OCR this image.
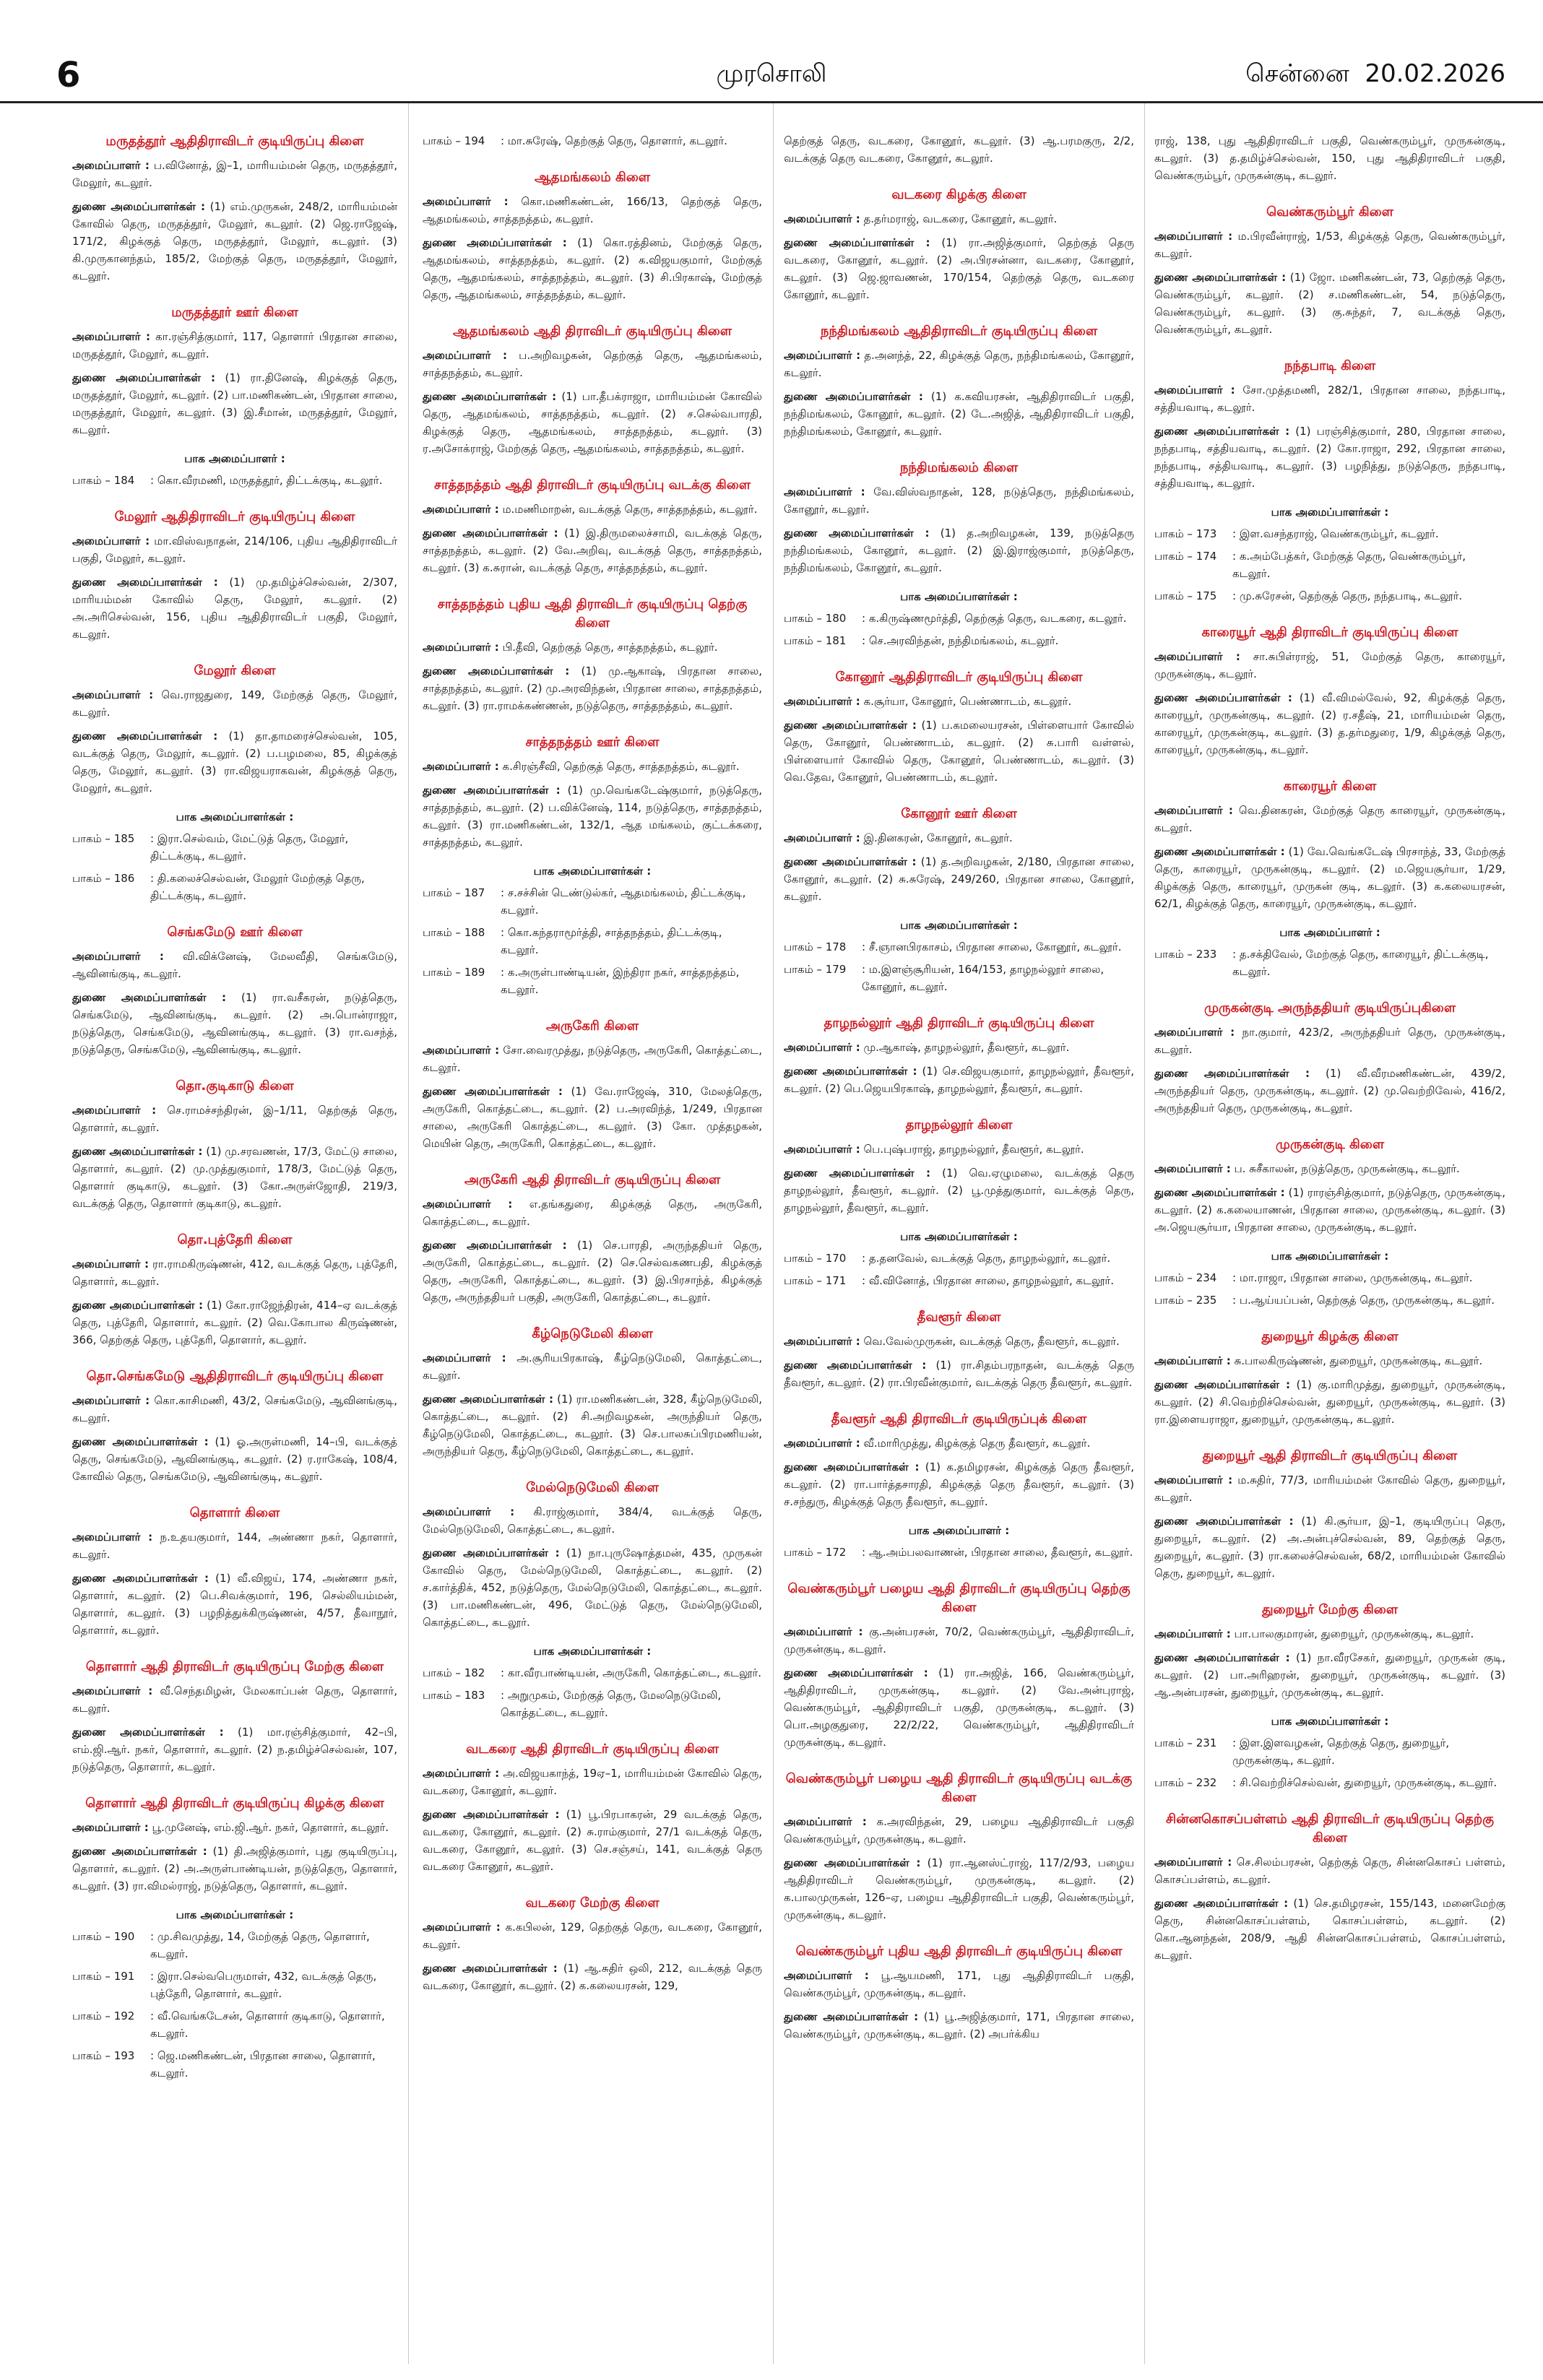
6	முரசொலி	சென்னை 20.02.2026
மருதத்தூர் ஆதிதிராவிடர் குடியிருப்பு கிளை
அமைப்பாளர் : ப.வினோத், இ–1, மாரியம்மன் தெரு, மருதத்தூர், மேலூர், கடலூர்.
துணை அமைப்பாளர்கள் : (1) எம்.முருகன், 248/2, மாரியம்மன் கோவில் தெரு, மருதத்தூர், மேலூர், கடலூர். (2) ஜெ.ராஜேஷ், 171/2, கிழக்குத் தெரு, மருதத்தூர், மேலூர், கடலூர். (3) கி.முருகானந்தம், 185/2, மேற்குத் தெரு, மருதத்தூர், மேலூர், கடலூர்.
மருதத்தூர் ஊர் கிளை
அமைப்பாளர் : கா.ரஞ்சித்குமார், 117, தொளார் பிரதான சாலை, மருதத்தூர், மேலூர், கடலூர்.
துணை அமைப்பாளர்கள் : (1) ரா.தினேஷ், கிழக்குத் தெரு, மருதத்தூர், மேலூர், கடலூர். (2) பா.மணிகண்டன், பிரதான சாலை, மருதத்தூர், மேலூர், கடலூர். (3) இ.சீமான், மருதத்தூர், மேலூர், கடலூர்.
பாக அமைப்பாளர் :
பாகம் – 184	: கொ.வீரமணி, மருதத்தூர், திட்டக்குடி, கடலூர்.
மேலூர் ஆதிதிராவிடர் குடியிருப்பு கிளை
அமைப்பாளர் : மா.விஸ்வநாதன், 214/106, புதிய ஆதிதிராவிடர் பகுதி, மேலூர், கடலூர்.
துணை அமைப்பாளர்கள் : (1) மு.தமிழ்ச்செல்வன், 2/307, மாரியம்மன் கோவில் தெரு, மேலூர், கடலூர். (2) அ.அரிசெல்வன், 156, புதிய ஆதிதிராவிடர் பகுதி, மேலூர், கடலூர்.
மேலூர் கிளை
அமைப்பாளர் : வெ.ராஜதுரை, 149, மேற்குத் தெரு, மேலூர், கடலூர்.
துணை அமைப்பாளர்கள் : (1) தா.தாமரைச்செல்வன், 105, வடக்குத் தெரு, மேலூர், கடலூர். (2) ப.பழமலை, 85, கிழக்குத் தெரு, மேலூர், கடலூர். (3) ரா.விஜயராகவன், கிழக்குத் தெரு, மேலூர், கடலூர்.
பாக அமைப்பாளர்கள் :
பாகம் – 185	: இரா.செல்வம், மேட்டுத் தெரு, மேலூர், திட்டக்குடி, கடலூர்.
பாகம் – 186	: தி.கலைச்செல்வன், மேலூர் மேற்குத் தெரு, திட்டக்குடி, கடலூர்.
செங்கமேடு ஊர் கிளை
அமைப்பாளர் : வி.விக்னேஷ், மேலவீதி, செங்கமேடு, ஆவினங்குடி, கடலூர்.
துணை அமைப்பாளர்கள் : (1) ரா.வசீகரன், நடுத்தெரு, செங்கமேடு, ஆவினங்குடி, கடலூர். (2) அ.பொன்ராஜா, நடுத்தெரு, செங்கமேடு, ஆவினங்குடி, கடலூர். (3) ரா.வசந்த், நடுத்தெரு, செங்கமேடு, ஆவினங்குடி, கடலூர்.
தொ.குடிகாடு கிளை
அமைப்பாளர் : செ.ராமச்சந்திரன், இ–1/11, தெற்குத் தெரு, தொளார், கடலூர்.
துணை அமைப்பாளர்கள் : (1) மு.சரவணன், 17/3, மேட்டு சாலை, தொளார், கடலூர். (2) மு.முத்துகுமார், 178/3, மேட்டுத் தெரு, தொளார் குடிகாடு, கடலூர். (3) கோ.அருள்ஜோதி, 219/3, வடக்குத் தெரு, தொளார் குடிகாடு, கடலூர்.
தொ.புத்தேரி கிளை
அமைப்பாளர் : ரா.ராமகிருஷ்ணன், 412, வடக்குத் தெரு, புத்தேரி, தொளார், கடலூர்.
துணை அமைப்பாளர்கள் : (1) கோ.ராஜேந்திரன், 414–ஏ வடக்குத் தெரு, புத்தேரி, தொளார், கடலூர். (2) வெ.கோபால கிருஷ்ணன், 366, தெற்குத் தெரு, புத்தேரி, தொளார், கடலூர்.
தொ.செங்கமேடு ஆதிதிராவிடர் குடியிருப்பு கிளை
அமைப்பாளர் : கொ.காசிமணி, 43/2, செங்கமேடு, ஆவினங்குடி, கடலூர்.
துணை அமைப்பாளர்கள் : (1) ஓ.அருள்மணி, 14–பி, வடக்குத் தெரு, செங்கமேடு, ஆவினங்குடி, கடலூர். (2) ர.ராகேஷ், 108/4, கோவில் தெரு, செங்கமேடு, ஆவினங்குடி, கடலூர்.
தொளார் கிளை
அமைப்பாளர் : ந.உதயகுமார், 144, அண்ணா நகர், தொளார், கடலூர்.
துணை அமைப்பாளர்கள் : (1) வீ.விஜய், 174, அண்ணா நகர், தொளார், கடலூர். (2) பெ.சிவக்குமார், 196, செல்லியம்மன், தொளார், கடலூர். (3) பழநித்துக்கிருஷ்ணன், 4/57, தீவாநூர், தொளார், கடலூர்.
தொளார் ஆதி திராவிடர் குடியிருப்பு மேற்கு கிளை
அமைப்பாளர் : வீ.செந்தமிழன், மேலகாப்பன் தெரு, தொளார், கடலூர்.
துணை அமைப்பாளர்கள் : (1) மா.ரஞ்சித்குமார், 42–பி, எம்.ஜி.ஆர். நகர், தொளார், கடலூர். (2) ந.தமிழ்ச்செல்வன், 107, நடுத்தெரு, தொளார், கடலூர்.
தொளார் ஆதி திராவிடர் குடியிருப்பு கிழக்கு கிளை
அமைப்பாளர் : பூ.முனேஷ், எம்.ஜி.ஆர். நகர், தொளார், கடலூர்.
துணை அமைப்பாளர்கள் : (1) தி.அஜித்குமார், புது குடியிருப்பு, தொளார், கடலூர். (2) அ.அருள்பாண்டியன், நடுத்தெரு, தொளார், கடலூர். (3) ரா.விமல்ராஜ், நடுத்தெரு, தொளார், கடலூர்.
பாக அமைப்பாளர்கள் :
பாகம் – 190	: மு.சிவமுத்து, 14, மேற்குத் தெரு, தொளார், கடலூர்.
பாகம் – 191	: இரா.செல்வபெருமாள், 432, வடக்குத் தெரு, புத்தேரி, தொளார், கடலூர்.
பாகம் – 192	: வீ.வெங்கடேசன், தொளார் குடிகாடு, தொளார், கடலூர்.
பாகம் – 193	: ஜெ.மணிகண்டன், பிரதான சாலை, தொளார், கடலூர்.
பாகம் – 194	: மா.சுரேஷ், தெற்குத் தெரு, தொளார், கடலூர்.
ஆதமங்கலம் கிளை
அமைப்பாளர் : கொ.மணிகண்டன், 166/13, தெற்குத் தெரு, ஆதமங்கலம், சாத்தநத்தம், கடலூர்.
துணை அமைப்பாளர்கள் : (1) கொ.ரத்தினம், மேற்குத் தெரு, ஆதமங்கலம், சாத்தநத்தம், கடலூர். (2) க.விஜயகுமார், மேற்குத் தெரு, ஆதமங்கலம், சாத்தநத்தம், கடலூர். (3) சி.பிரகாஷ், மேற்குத் தெரு, ஆதமங்கலம், சாத்தநத்தம், கடலூர்.
ஆதமங்கலம் ஆதி திராவிடர் குடியிருப்பு கிளை
அமைப்பாளர் : ப.அறிவழகன், தெற்குத் தெரு, ஆதமங்கலம், சாத்தநத்தம், கடலூர்.
துணை அமைப்பாளர்கள் : (1) பா.தீபக்ராஜா, மாரியம்மன் கோவில் தெரு, ஆதமங்கலம், சாத்தநத்தம், கடலூர். (2) ச.செல்வபாரதி, கிழக்குத் தெரு, ஆதமங்கலம், சாத்தநத்தம், கடலூர். (3) ர.அசோக்ராஜ், மேற்குத் தெரு, ஆதமங்கலம், சாத்தநத்தம், கடலூர்.
சாத்தநத்தம் ஆதி திராவிடர் குடியிருப்பு வடக்கு கிளை
அமைப்பாளர் : ம.மணிமாறன், வடக்குத் தெரு, சாத்தநத்தம், கடலூர்.
துணை அமைப்பாளர்கள் : (1) இ.திருமலைச்சாமி, வடக்குத் தெரு, சாத்தநத்தம், கடலூர். (2) வே.அறிவு, வடக்குத் தெரு, சாத்தநத்தம், கடலூர். (3) க.சுரான், வடக்குத் தெரு, சாத்தநத்தம், கடலூர்.
சாத்தநத்தம் புதிய ஆதி திராவிடர் குடியிருப்பு தெற்கு கிளை
அமைப்பாளர் : பி.தீவி, தெற்குத் தெரு, சாத்தநத்தம், கடலூர்.
துணை அமைப்பாளர்கள் : (1) மு.ஆகாஷ், பிரதான சாலை, சாத்தநத்தம், கடலூர். (2) மு.அரவிந்தன், பிரதான சாலை, சாத்தநத்தம், கடலூர். (3) ரா.ராமக்கண்ணன், நடுத்தெரு, சாத்தநத்தம், கடலூர்.
சாத்தநத்தம் ஊர் கிளை
அமைப்பாளர் : க.சிரஞ்சீவி, தெற்குத் தெரு, சாத்தநத்தம், கடலூர்.
துணை அமைப்பாளர்கள் : (1) மு.வெங்கடேஷ்குமார், நடுத்தெரு, சாத்தநத்தம், கடலூர். (2) ப.விக்னேஷ், 114, நடுத்தெரு, சாத்தநத்தம், கடலூர். (3) ரா.மணிகண்டன், 132/1, ஆத மங்கலம், குட்டக்கரை, சாத்தநத்தம், கடலூர்.
பாக அமைப்பாளர்கள் :
பாகம் – 187	: ச.சச்சின் டெண்டுல்கர், ஆதமங்கலம், திட்டக்குடி, கடலூர்.
பாகம் – 188	: கொ.கந்தராமூர்த்தி, சாத்தநத்தம், திட்டக்குடி, கடலூர்.
பாகம் – 189	: க.அருள்பாண்டியன், இந்திரா நகர், சாத்தநத்தம், கடலூர்.
அருகேரி கிளை
அமைப்பாளர் : சோ.வைரமுத்து, நடுத்தெரு, அருகேரி, கொத்தட்டை, கடலூர்.
துணை அமைப்பாளர்கள் : (1) வே.ராஜேஷ், 310, மேலத்தெரு, அருகேரி, கொத்தட்டை, கடலூர். (2) ப.அரவிந்த், 1/249, பிரதான சாலை, அருகேரி கொத்தட்டை, கடலூர். (3) கோ. முத்தழகன், மெயின் தெரு, அருகேரி, கொத்தட்டை, கடலூர்.
அருகேரி ஆதி திராவிடர் குடியிருப்பு கிளை
அமைப்பாளர் : எ.தங்கதுரை, கிழக்குத் தெரு, அருகேரி, கொத்தட்டை, கடலூர்.
துணை அமைப்பாளர்கள் : (1) செ.பாரதி, அருந்ததியர் தெரு, அருகேரி, கொத்தட்டை, கடலூர். (2) செ.செல்வகணபதி, கிழக்குத் தெரு, அருகேரி, கொத்தட்டை, கடலூர். (3) இ.பிரசாந்த், கிழக்குத் தெரு, அருந்ததியர் பகுதி, அருகேரி, கொத்தட்டை, கடலூர்.
கீழ்நெடுமேலி கிளை
அமைப்பாளர் : அ.சூரியபிரகாஷ், கீழ்நெடுமேலி, கொத்தட்டை, கடலூர்.
துணை அமைப்பாளர்கள் : (1) ரா.மணிகண்டன், 328, கீழ்நெடுமேலி, கொத்தட்டை, கடலூர். (2) சி.அறிவழகன், அருந்தியர் தெரு, கீழ்நெடுமேலி, கொத்தட்டை, கடலூர். (3) செ.பாலசுப்பிரமணியன், அருந்தியர் தெரு, கீழ்நெடுமேலி, கொத்தட்டை, கடலூர்.
மேல்நெடுமேலி கிளை
அமைப்பாளர் : கி.ராஜ்குமார், 384/4, வடக்குத் தெரு, மேல்நெடுமேலி, கொத்தட்டை, கடலூர்.
துணை அமைப்பாளர்கள் : (1) நா.புருஷோத்தமன், 435, முருகன் கோவில் தெரு, மேல்நெடுமேலி, கொத்தட்டை, கடலூர். (2) ச.கார்த்திக், 452, நடுத்தெரு, மேல்நெடுமேலி, கொத்தட்டை, கடலூர். (3) பா.மணிகண்டன், 496, மேட்டுத் தெரு, மேல்நெடுமேலி, கொத்தட்டை, கடலூர்.
பாக அமைப்பாளர்கள் :
பாகம் – 182	: கா.வீரபாண்டியன், அருகேரி, கொத்தட்டை, கடலூர்.
பாகம் – 183	: அறுமுகம், மேற்குத் தெரு, மேலநெடுமேலி, கொத்தட்டை, கடலூர்.
வடகரை ஆதி திராவிடர் குடியிருப்பு கிளை
அமைப்பாளர் : அ.விஜயகாந்த், 19ஏ–1, மாரியம்மன் கோவில் தெரு, வடகரை, கோனூர், கடலூர்.
துணை அமைப்பாளர்கள் : (1) பூ.பிரபாகரன், 29 வடக்குத் தெரு, வடகரை, கோனூர், கடலூர். (2) சு.ராம்குமார், 27/1 வடக்குத் தெரு, வடகரை, கோனூர், கடலூர். (3) செ.சஞ்சய், 141, வடக்குத் தெரு வடகரை கோனூர், கடலூர்.
வடகரை மேற்கு கிளை
அமைப்பாளர் : க.கபிலன், 129, தெற்குத் தெரு, வடகரை, கோனூர், கடலூர்.
துணை அமைப்பாளர்கள் : (1) ஆ.சுதிர் ஒலி, 212, வடக்குத் தெரு வடகரை, கோனூர், கடலூர். (2) க.கலையரசன், 129,
தெற்குத் தெரு, வடகரை, கோனூர், கடலூர். (3) ஆ.பரமகுரு, 2/2, வடக்குத் தெரு வடகரை, கோனூர், கடலூர்.
வடகரை கிழக்கு கிளை
அமைப்பாளர் : த.தர்மராஜ், வடகரை, கோனூர், கடலூர்.
துணை அமைப்பாளர்கள் : (1) ரா.அஜித்குமார், தெற்குத் தெரு வடகரை, கோனூர், கடலூர். (2) அ.பிரசன்னா, வடகரை, கோனூர், கடலூர். (3) ஜெ.ஜாவணன், 170/154, தெற்குத் தெரு, வடகரை கோனூர், கடலூர்.
நந்திமங்கலம் ஆதிதிராவிடர் குடியிருப்பு கிளை
அமைப்பாளர் : த.அனந்த், 22, கிழக்குத் தெரு, நந்திமங்கலம், கோனூர், கடலூர்.
துணை அமைப்பாளர்கள் : (1) க.கவியரசன், ஆதிதிராவிடர் பகுதி, நந்திமங்கலம், கோனூர், கடலூர். (2) டே.அஜித், ஆதிதிராவிடர் பகுதி, நந்திமங்கலம், கோனூர், கடலூர்.
நந்திமங்கலம் கிளை
அமைப்பாளர் : வே.விஸ்வநாதன், 128, நடுத்தெரு, நந்திமங்கலம், கோனூர், கடலூர்.
துணை அமைப்பாளர்கள் : (1) த.அறிவழகன், 139, நடுத்தெரு நந்திமங்கலம், கோனூர், கடலூர். (2) இ.இராஜ்குமார், நடுத்தெரு, நந்திமங்கலம், கோனூர், கடலூர்.
பாக அமைப்பாளர்கள் :
பாகம் – 180	: க.கிருஷ்ணமூர்த்தி, தெற்குத் தெரு, வடகரை, கடலூர்.
பாகம் – 181	: செ.அரவிந்தன், நந்திமங்கலம், கடலூர்.
கோனூர் ஆதிதிராவிடர் குடியிருப்பு கிளை
அமைப்பாளர் : க.சூர்யா, கோனூர், பெண்ணாடம், கடலூர்.
துணை அமைப்பாளர்கள் : (1) ப.கமலையரசன், பிள்ளையார் கோவில் தெரு, கோனூர், பெண்ணாடம், கடலூர். (2) சு.பாரி வள்ளல், பிள்ளையார் கோவில் தெரு, கோனூர், பெண்ணாடம், கடலூர். (3) வெ.தேவ, கோனூர், பெண்ணாடம், கடலூர்.
கோனூர் ஊர் கிளை
அமைப்பாளர் : இ.தினகரன், கோனூர், கடலூர்.
துணை அமைப்பாளர்கள் : (1) த.அறிவழகன், 2/180, பிரதான சாலை, கோனூர், கடலூர். (2) சு.சுரேஷ், 249/260, பிரதான சாலை, கோனூர், கடலூர்.
பாக அமைப்பாளர்கள் :
பாகம் – 178	: சீ.ஞானபிரகாசம், பிரதான சாலை, கோனூர், கடலூர்.
பாகம் – 179	: ம.இளஞ்சூரியன், 164/153, தாழநல்லூர் சாலை, கோனூர், கடலூர்.
தாழநல்லூர் ஆதி திராவிடர் குடியிருப்பு கிளை
அமைப்பாளர் : மு.ஆகாஷ், தாழநல்லூர், தீவளூர், கடலூர்.
துணை அமைப்பாளர்கள் : (1) செ.விஜயகுமார், தாழநல்லூர், தீவளூர், கடலூர். (2) பெ.ஜெயபிரகாஷ், தாழநல்லூர், தீவளூர், கடலூர்.
தாழநல்லூர் கிளை
அமைப்பாளர் : பெ.புஷ்பராஜ், தாழநல்லூர், தீவளூர், கடலூர்.
துணை அமைப்பாளர்கள் : (1) வெ.ஏழுமலை, வடக்குத் தெரு தாழநல்லூர், தீவளூர், கடலூர். (2) பூ.முத்துகுமார், வடக்குத் தெரு, தாழநல்லூர், தீவளூர், கடலூர்.
பாக அமைப்பாளர்கள் :
பாகம் – 170	: த.தனவேல், வடக்குத் தெரு, தாழநல்லூர், கடலூர்.
பாகம் – 171	: வீ.வினோத், பிரதான சாலை, தாழநல்லூர், கடலூர்.
தீவளூர் கிளை
அமைப்பாளர் : வெ.வேல்முருகன், வடக்குத் தெரு, தீவளூர், கடலூர்.
துணை அமைப்பாளர்கள் : (1) ரா.சிதம்பரநாதன், வடக்குத் தெரு தீவளூர், கடலூர். (2) ரா.பிரவீன்குமார், வடக்குத் தெரு தீவளூர், கடலூர்.
தீவளூர் ஆதி திராவிடர் குடியிருப்புக் கிளை
அமைப்பாளர் : வீ.மாரிமுத்து, கிழக்குத் தெரு தீவளூர், கடலூர்.
துணை அமைப்பாளர்கள் : (1) க.தமிழரசன், கிழக்குத் தெரு தீவளூர், கடலூர். (2) ரா.பார்த்தசாரதி, கிழக்குத் தெரு தீவளூர், கடலூர். (3) ச.சந்துரு, கிழக்குத் தெரு தீவளூர், கடலூர்.
பாக அமைப்பாளர் :
பாகம் – 172	: ஆ.அம்பலவாணன், பிரதான சாலை, தீவளூர், கடலூர்.
வெண்கரும்பூர் பழைய ஆதி திராவிடர் குடியிருப்பு தெற்கு கிளை
அமைப்பாளர் : கு.அன்பரசன், 70/2, வெண்கரும்பூர், ஆதிதிராவிடர், முருகன்குடி, கடலூர்.
துணை அமைப்பாளர்கள் : (1) ரா.அஜித், 166, வெண்கரும்பூர், ஆதிதிராவிடர், முருகன்குடி, கடலூர். (2) வே.அன்புராஜ், வெண்கரும்பூர், ஆதிதிராவிடர் பகுதி, முருகன்குடி, கடலூர். (3) பொ.அழகுதுரை, 22/2/22, வெண்கரும்பூர், ஆதிதிராவிடர் முருகன்குடி, கடலூர்.
வெண்கரும்பூர் பழைய ஆதி திராவிடர் குடியிருப்பு வடக்கு கிளை
அமைப்பாளர் : க.அரவிந்தன், 29, பழைய ஆதிதிராவிடர் பகுதி வெண்கரும்பூர், முருகன்குடி, கடலூர்.
துணை அமைப்பாளர்கள் : (1) ரா.ஆனஸ்ட்ராஜ், 117/2/93, பழைய ஆதிதிராவிடர் வெண்கரும்பூர், முருகன்குடி, கடலூர். (2) க.பாலமுருகன், 126–ஏ, பழைய ஆதிதிராவிடர் பகுதி, வெண்கரும்பூர், முருகன்குடி, கடலூர்.
வெண்கரும்பூர் புதிய ஆதி திராவிடர் குடியிருப்பு கிளை
அமைப்பாளர் : பூ.ஆயமணி, 171, புது ஆதிதிராவிடர் பகுதி, வெண்கரும்பூர், முருகன்குடி, கடலூர்.
துணை அமைப்பாளர்கள் : (1) பூ.அஜித்குமார், 171, பிரதான சாலை, வெண்கரும்பூர், முருகன்குடி, கடலூர். (2) அபர்க்கிய
ராஜ், 138, புது ஆதிதிராவிடர் பகுதி, வெண்கரும்பூர், முருகன்குடி, கடலூர். (3) த.தமிழ்ச்செல்வன், 150, புது ஆதிதிராவிடர் பகுதி, வெண்கரும்பூர், முருகன்குடி, கடலூர்.
வெண்கரும்பூர் கிளை
அமைப்பாளர் : ம.பிரவீன்ராஜ், 1/53, கிழக்குத் தெரு, வெண்கரும்பூர், கடலூர்.
துணை அமைப்பாளர்கள் : (1) ஜோ. மணிகண்டன், 73, தெற்குத் தெரு, வெண்கரும்பூர், கடலூர். (2) ச.மணிகண்டன், 54, நடுத்தெரு, வெண்கரும்பூர், கடலூர். (3) கு.சுந்தர், 7, வடக்குத் தெரு, வெண்கரும்பூர், கடலூர்.
நந்தபாடி கிளை
அமைப்பாளர் : சோ.முத்தமணி, 282/1, பிரதான சாலை, நந்தபாடி, சத்தியவாடி, கடலூர்.
துணை அமைப்பாளர்கள் : (1) பரஞ்சித்குமார், 280, பிரதான சாலை, நந்தபாடி, சத்தியவாடி, கடலூர். (2) கோ.ராஜா, 292, பிரதான சாலை, நந்தபாடி, சத்தியவாடி, கடலூர். (3) பழநித்து, நடுத்தெரு, நந்தபாடி, சத்தியவாடி, கடலூர்.
பாக அமைப்பாளர்கள் :
பாகம் – 173	: இள.வசந்தராஜ், வெண்கரும்பூர், கடலூர்.
பாகம் – 174	: க.அம்பேத்கர், மேற்குத் தெரு, வெண்கரும்பூர், கடலூர்.
பாகம் – 175	: மு.சுரேசன், தெற்குத் தெரு, நந்தபாடி, கடலூர்.
காரையூர் ஆதி திராவிடர் குடியிருப்பு கிளை
அமைப்பாளர் : சா.சுபிள்ராஜ், 51, மேற்குத் தெரு, காரையூர், முருகன்குடி, கடலூர்.
துணை அமைப்பாளர்கள் : (1) வீ.விமல்வேல், 92, கிழக்குத் தெரு, காரையூர், முருகன்குடி, கடலூர். (2) ர.சதீஷ், 21, மாரியம்மன் தெரு, காரையூர், முருகன்குடி, கடலூர். (3) த.தர்மதுரை, 1/9, கிழக்குத் தெரு, காரையூர், முருகன்குடி, கடலூர்.
காரையூர் கிளை
அமைப்பாளர் : வெ.தினகரன், மேற்குத் தெரு காரையூர், முருகன்குடி, கடலூர்.
துணை அமைப்பாளர்கள் : (1) வே.வெங்கடேஷ் பிரசாந்த், 33, மேற்குத் தெரு, காரையூர், முருகன்குடி, கடலூர். (2) ம.ஜெயசூர்யா, 1/29, கிழக்குத் தெரு, காரையூர், முருகன் குடி, கடலூர். (3) க.கலையரசன், 62/1, கிழக்குத் தெரு, காரையூர், முருகன்குடி, கடலூர்.
பாக அமைப்பாளர் :
பாகம் – 233	: த.சக்திவேல், மேற்குத் தெரு, காரையூர், திட்டக்குடி, கடலூர்.
முருகன்குடி அருந்ததியர் குடியிருப்புகிளை
அமைப்பாளர் : நா.குமார், 423/2, அருந்ததியர் தெரு, முருகன்குடி, கடலூர்.
துணை அமைப்பாளர்கள் : (1) வீ.வீரமணிகண்டன், 439/2, அருந்ததியர் தெரு, முருகன்குடி, கடலூர். (2) மு.வெற்றிவேல், 416/2, அருந்ததியர் தெரு, முருகன்குடி, கடலூர்.
முருகன்குடி கிளை
அமைப்பாளர் : ப. சுசீகாலன், நடுத்தெரு, முருகன்குடி, கடலூர்.
துணை அமைப்பாளர்கள் : (1) ராரஞ்சித்குமார், நடுத்தெரு, முருகன்குடி, கடலூர். (2) க.கலையாணன், பிரதான சாலை, முருகன்குடி, கடலூர். (3) அ.ஜெயசூர்யா, பிரதான சாலை, முருகன்குடி, கடலூர்.
பாக அமைப்பாளர்கள் :
பாகம் – 234	: மா.ராஜா, பிரதான சாலை, முருகன்குடி, கடலூர்.
பாகம் – 235	: ப.ஆய்யப்பன், தெற்குத் தெரு, முருகன்குடி, கடலூர்.
துறையூர் கிழக்கு கிளை
அமைப்பாளர் : சு.பாலகிருஷ்ணன், துறையூர், முருகன்குடி, கடலூர்.
துணை அமைப்பாளர்கள் : (1) கு.மாரிமுத்து, துறையூர், முருகன்குடி, கடலூர். (2) சி.வெற்றிச்செல்வன், துறையூர், முருகன்குடி, கடலூர். (3) ரா.இளையராஜா, துறையூர், முருகன்குடி, கடலூர்.
துறையூர் ஆதி திராவிடர் குடியிருப்பு கிளை
அமைப்பாளர் : ம.சுதிர், 77/3, மாரியம்மன் கோவில் தெரு, துறையூர், கடலூர்.
துணை அமைப்பாளர்கள் : (1) கி.சூர்யா, இ–1, குடியிருப்பு தெரு, துறையூர், கடலூர். (2) அ.அன்புச்செல்வன், 89, தெற்குத் தெரு, துறையூர், கடலூர். (3) ரா.கலைச்செல்வன், 68/2, மாரியம்மன் கோவில் தெரு, துறையூர், கடலூர்.
துறையூர் மேற்கு கிளை
அமைப்பாளர் : பா.பாலகுமாரன், துறையூர், முருகன்குடி, கடலூர்.
துணை அமைப்பாளர்கள் : (1) நா.வீரசேகர், துறையூர், முருகன் குடி, கடலூர். (2) பா.அரிஹரன், துறையூர், முருகன்குடி, கடலூர். (3) ஆ.அன்பரசன், துறையூர், முருகன்குடி, கடலூர்.
பாக அமைப்பாளர்கள் :
பாகம் – 231	: இள.இளவழகன், தெற்குத் தெரு, துறையூர், முருகன்குடி, கடலூர்.
பாகம் – 232	: சி.வெற்றிச்செல்வன், துறையூர், முருகன்குடி, கடலூர்.
சின்னகொசப்பள்ளம் ஆதி திராவிடர் குடியிருப்பு தெற்கு கிளை
அமைப்பாளர் : செ.சிலம்பரசன், தெற்குத் தெரு, சின்னகொசப் பள்ளம், கொசப்பள்ளம், கடலூர்.
துணை அமைப்பாளர்கள் : (1) செ.தமிழரசன், 155/143, மனைமேற்கு தெரு, சின்னகொசப்பள்ளம், கொசப்பள்ளம், கடலூர். (2) கொ.ஆனந்தன், 208/9, ஆதி சின்னகொசப்பள்ளம், கொசப்பள்ளம், கடலூர்.
